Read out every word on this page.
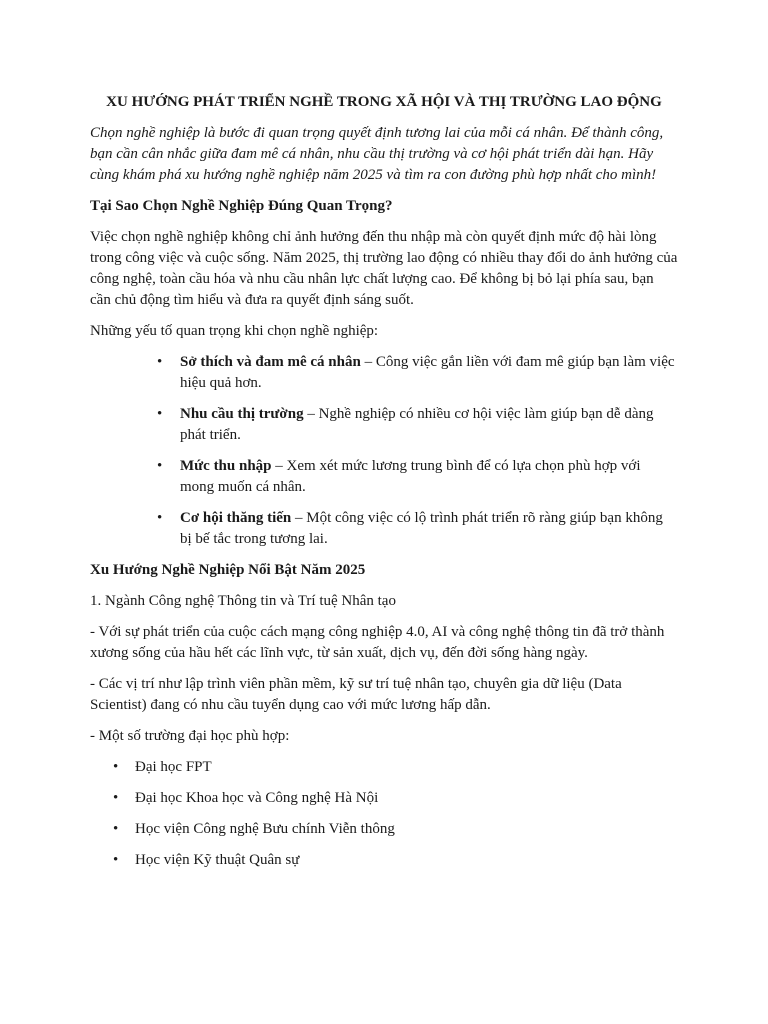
XU HƯỚNG PHÁT TRIỂN NGHỀ TRONG XÃ HỘI VÀ THỊ TRƯỜNG LAO ĐỘNG

Chọn nghề nghiệp là bước đi quan trọng quyết định tương lai của mỗi cá nhân. Để thành công, bạn cần cân nhắc giữa đam mê cá nhân, nhu cầu thị trường và cơ hội phát triển dài hạn. Hãy cùng khám phá xu hướng nghề nghiệp năm 2025 và tìm ra con đường phù hợp nhất cho mình!

Tại Sao Chọn Nghề Nghiệp Đúng Quan Trọng?

Việc chọn nghề nghiệp không chỉ ảnh hưởng đến thu nhập mà còn quyết định mức độ hài lòng trong công việc và cuộc sống. Năm 2025, thị trường lao động có nhiều thay đổi do ảnh hưởng của công nghệ, toàn cầu hóa và nhu cầu nhân lực chất lượng cao. Để không bị bỏ lại phía sau, bạn cần chủ động tìm hiểu và đưa ra quyết định sáng suốt.

Những yếu tố quan trọng khi chọn nghề nghiệp:

• Sở thích và đam mê cá nhân – Công việc gắn liền với đam mê giúp bạn làm việc hiệu quả hơn.
• Nhu cầu thị trường – Nghề nghiệp có nhiều cơ hội việc làm giúp bạn dễ dàng phát triển.
• Mức thu nhập – Xem xét mức lương trung bình để có lựa chọn phù hợp với mong muốn cá nhân.
• Cơ hội thăng tiến – Một công việc có lộ trình phát triển rõ ràng giúp bạn không bị bế tắc trong tương lai.
Xu Hướng Nghề Nghiệp Nổi Bật Năm 2025

1. Ngành Công nghệ Thông tin và Trí tuệ Nhân tạo

- Với sự phát triển của cuộc cách mạng công nghiệp 4.0, AI và công nghệ thông tin đã trở thành xương sống của hầu hết các lĩnh vực, từ sản xuất, dịch vụ, đến đời sống hàng ngày.

- Các vị trí như lập trình viên phần mềm, kỹ sư trí tuệ nhân tạo, chuyên gia dữ liệu (Data Scientist) đang có nhu cầu tuyển dụng cao với mức lương hấp dẫn.

- Một số trường đại học phù hợp:

• Đại học FPT
• Đại học Khoa học và Công nghệ Hà Nội
• Học viện Công nghệ Bưu chính Viễn thông
• Học viện Kỹ thuật Quân sự
